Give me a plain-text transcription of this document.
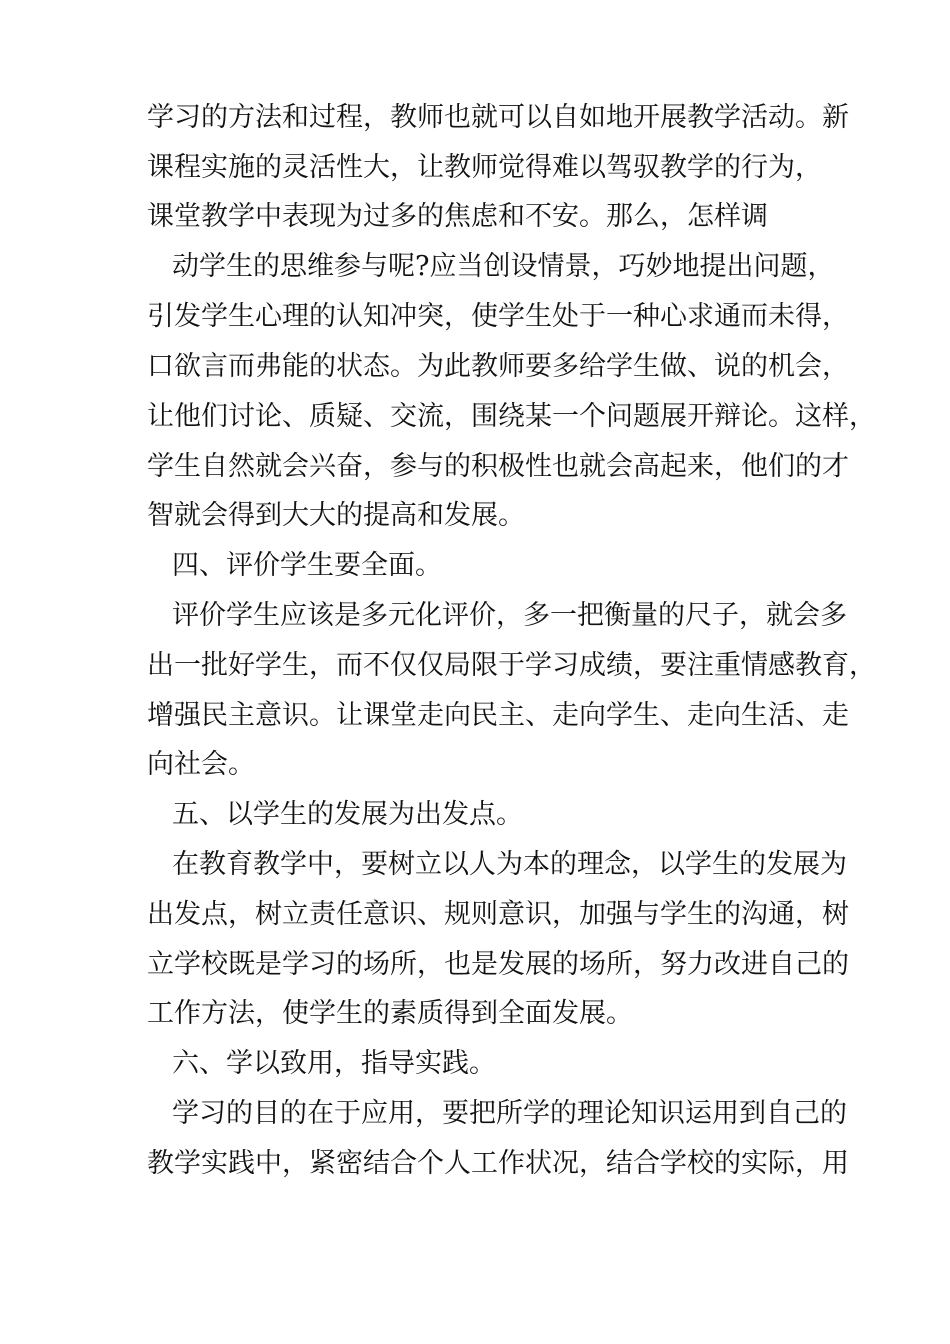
学习的方法和过程，教师也就可以自如地开展教学活动。新
课程实施的灵活性大，让教师觉得难以驾驭教学的行为，
课堂教学中表现为过多的焦虑和不安。那么，怎样调
动学生的思维参与呢?应当创设情景，巧妙地提出问题，
引发学生心理的认知冲突，使学生处于一种心求通而未得，
口欲言而弗能的状态。为此教师要多给学生做、说的机会，
让他们讨论、质疑、交流，围绕某一个问题展开辩论。这样，
学生自然就会兴奋，参与的积极性也就会高起来，他们的才
智就会得到大大的提高和发展。
四、评价学生要全面。
评价学生应该是多元化评价，多一把衡量的尺子，就会多
出一批好学生，而不仅仅局限于学习成绩，要注重情感教育，
增强民主意识。让课堂走向民主、走向学生、走向生活、走
向社会。
五、以学生的发展为出发点。
在教育教学中，要树立以人为本的理念，以学生的发展为
出发点，树立责任意识、规则意识，加强与学生的沟通，树
立学校既是学习的场所，也是发展的场所，努力改进自己的
工作方法，使学生的素质得到全面发展。
六、学以致用，指导实践。
学习的目的在于应用，要把所学的理论知识运用到自己的
教学实践中，紧密结合个人工作状况，结合学校的实际，用
